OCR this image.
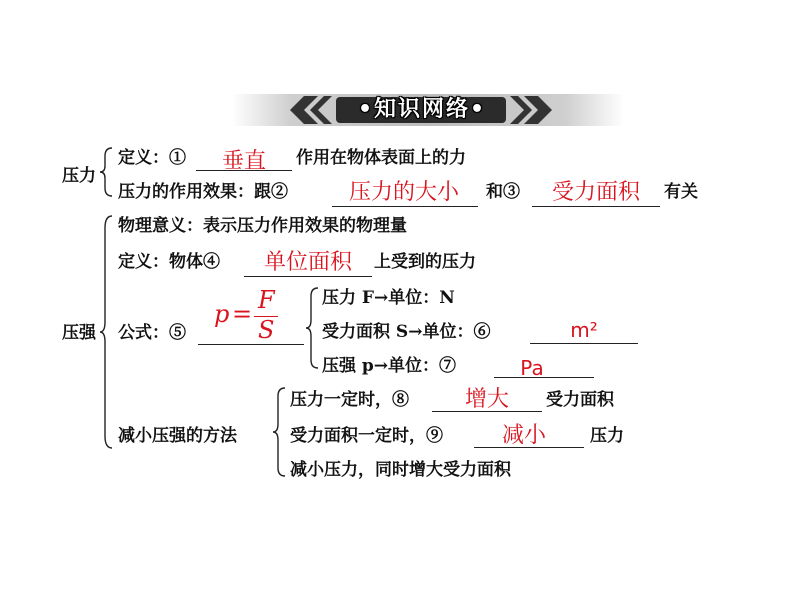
•知识网络•
压力
定义：①	垂直	作用在物体表面上的力
压力的作用效果：跟②	压力的大小	和③	受力面积	有关
压强
物理意义：表示压力作用效果的物理量
定义：物体④	单位面积	上受到的压力
公式：⑤
p = F
S
压力 F→单位：N
受力面积 S→单位：⑥	m²
压强 p→单位：⑦	Pa
减小压强的方法
压力一定时，⑧	增大	受力面积
受力面积一定时，⑨	减小	压力
减小压力，同时增大受力面积
